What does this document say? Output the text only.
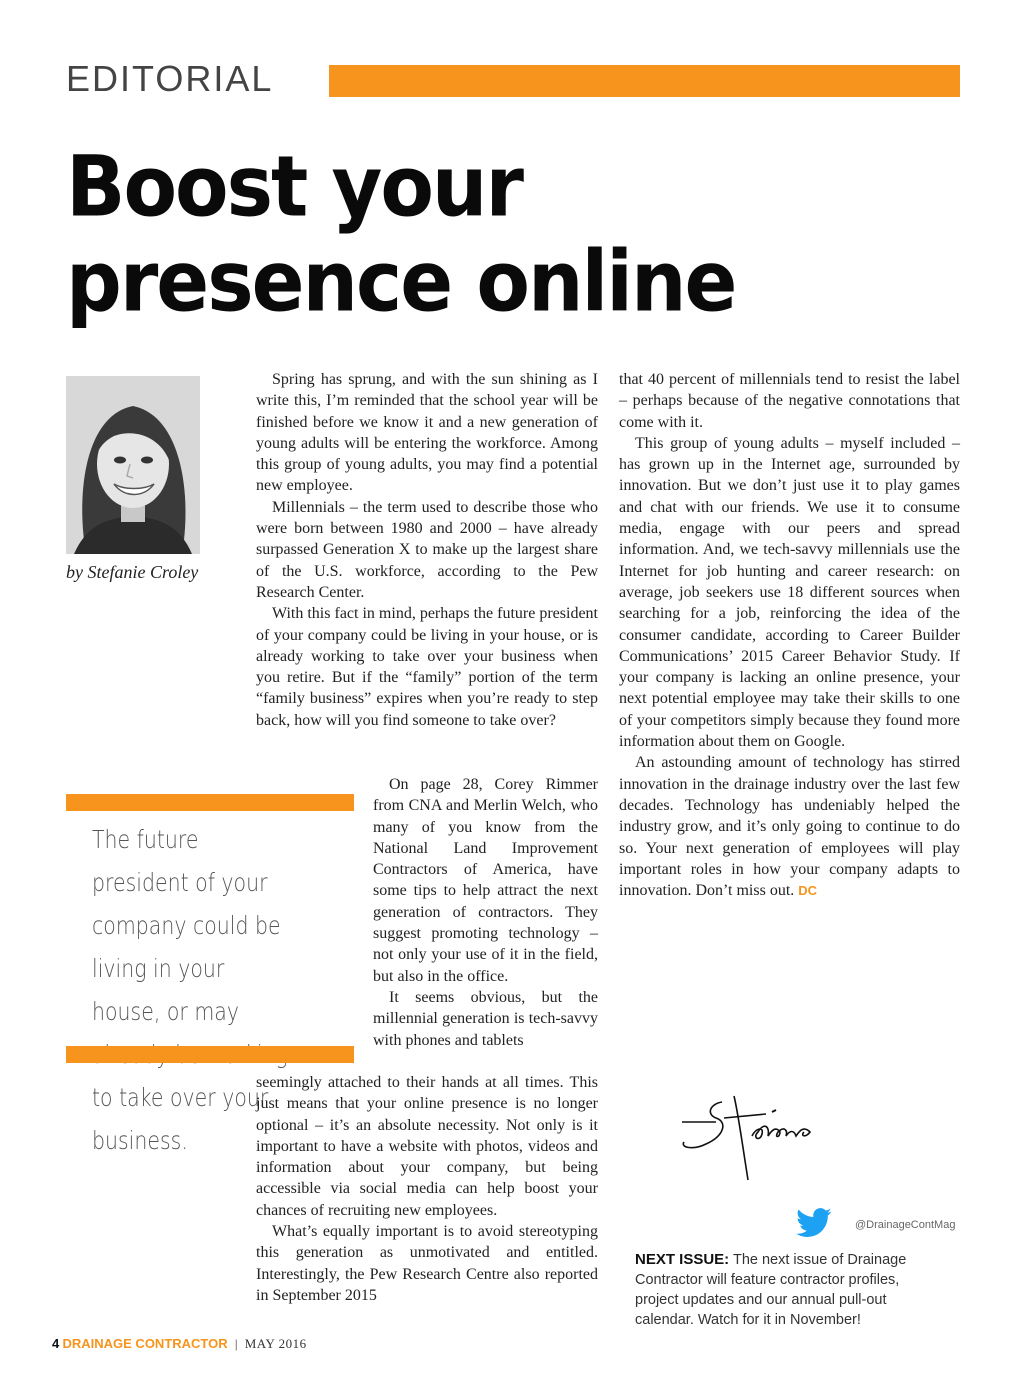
EDITORIAL
Boost your
presence online
by Stefanie Croley
The future president of your company could be living in your house, or may to take over your business.

Spring has sprung, and with the sun shining as I write this, I’m reminded that the school year will be finished before we know it and a new generation of young adults will be entering the workforce. Among this group of young adults, you may find a potential new employee.

Millennials – the term used to describe those who were born between 1980 and 2000 – have already surpassed Generation X to make up the largest share of the U.S. workforce, according to the Pew Research Center.

With this fact in mind, perhaps the future president of your company could be living in your house, or is already working to take over your business when you retire. But if the “family” portion of the term “family business” expires when you’re ready to step back, how will you find someone to take over?

On page 28, Corey Rimmer from CNA and Merlin Welch, who many of you know from the National Land Improvement Contractors of America, have some tips to help attract the next generation of contractors. They suggest promoting technology – not only your use of it in the field, but also in the office.

It seems obvious, but the millennial generation is tech-savvy with phones and tablets

seemingly attached to their hands at all times. This just means that your online presence is no longer optional – it’s an absolute necessity. Not only is it important to have a website with photos, videos and information about your company, but being accessible via social media can help boost your chances of recruiting new employees.

What’s equally important is to avoid stereotyping this generation as unmotivated and entitled. Interestingly, the Pew Research Centre also reported in September 2015

that 40 percent of millennials tend to resist the label – perhaps because of the negative connotations that come with it.

This group of young adults – myself included – has grown up in the Internet age, surrounded by innovation. But we don’t just use it to play games and chat with our friends. We use it to consume media, engage with our peers and spread information. And, we tech-savvy millennials use the Internet for job hunting and career research: on average, job seekers use 18 different sources when searching for a job, reinforcing the idea of the consumer candidate, according to Career Builder Communications’ 2015 Career Behavior Study. If your company is lacking an online presence, your next potential employee may take their skills to one of your competitors simply because they found more information about them on Google.

An astounding amount of technology has stirred innovation in the drainage industry over the last few decades. Technology has undeniably helped the industry grow, and it’s only going to continue to do so. Your next generation of employees will play important roles in how your company adapts to innovation. Don’t miss out. DC

@DrainageContMag
NEXT ISSUE: The next issue of Drainage Contractor will feature contractor profiles, project updates and our annual pull-out calendar. Watch for it in November!
4 DRAINAGE CONTRACTOR | MAY 2016
